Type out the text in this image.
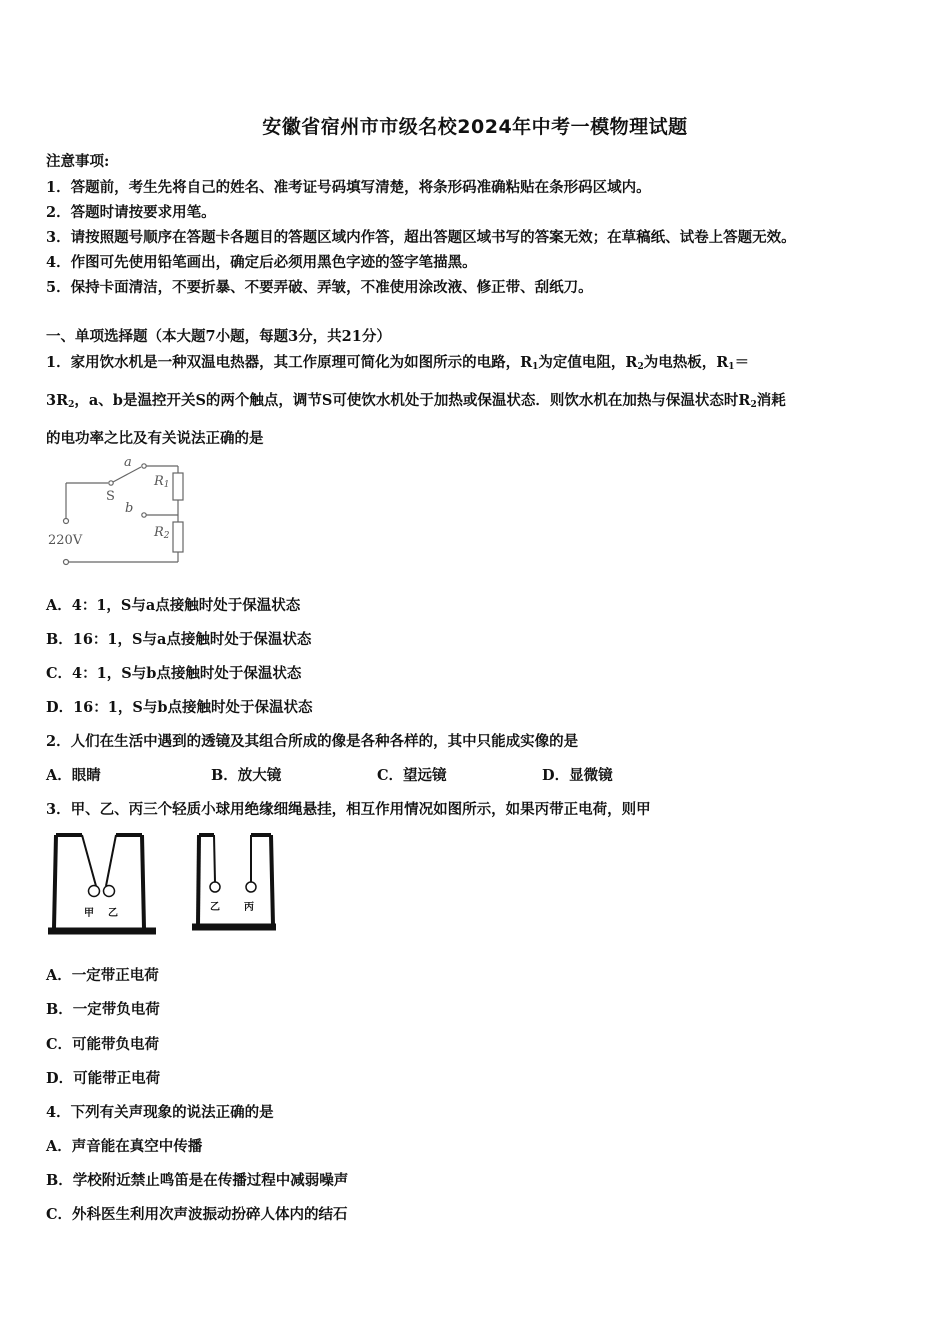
安徽省宿州市市级名校2024年中考一模物理试题
注意事项:
1．答题前，考生先将自己的姓名、准考证号码填写清楚，将条形码准确粘贴在条形码区域内。
2．答题时请按要求用笔。
3．请按照题号顺序在答题卡各题目的答题区域内作答，超出答题区域书写的答案无效；在草稿纸、试卷上答题无效。
4．作图可先使用铅笔画出，确定后必须用黑色字迹的签字笔描黑。
5．保持卡面清洁，不要折暴、不要弄破、弄皱，不准使用涂改液、修正带、刮纸刀。
一、单项选择题（本大题7小题，每题3分，共21分）
1．家用饮水机是一种双温电热器，其工作原理可简化为如图所示的电路，$R_1$为定值电阻，$R_2$为电热板，$R_1=$
$3R_2$，a、b是温控开关S的两个触点，调节S可使饮水机处于加热或保温状态．则饮水机在加热与保温状态时$R_2$消耗
的电功率之比及有关说法正确的是
a
S
b
$R_1$
$R_2$
220V
A．4：1，S与a点接触时处于保温状态
B．16：1，S与a点接触时处于保温状态
C．4：1，S与b点接触时处于保温状态
D．16：1，S与b点接触时处于保温状态
2．人们在生活中遇到的透镜及其组合所成的像是各种各样的，其中只能成实像的是
A．眼睛	B．放大镜	C．望远镜	D．显微镜
3．甲、乙、丙三个轻质小球用绝缘细绳悬挂，相互作用情况如图所示，如果丙带正电荷，则甲
甲 乙
乙 丙
A．一定带正电荷
B．一定带负电荷
C．可能带负电荷
D．可能带正电荷
4．下列有关声现象的说法正确的是
A．声音能在真空中传播
B．学校附近禁止鸣笛是在传播过程中减弱噪声
C．外科医生利用次声波振动扮碎人体内的结石
